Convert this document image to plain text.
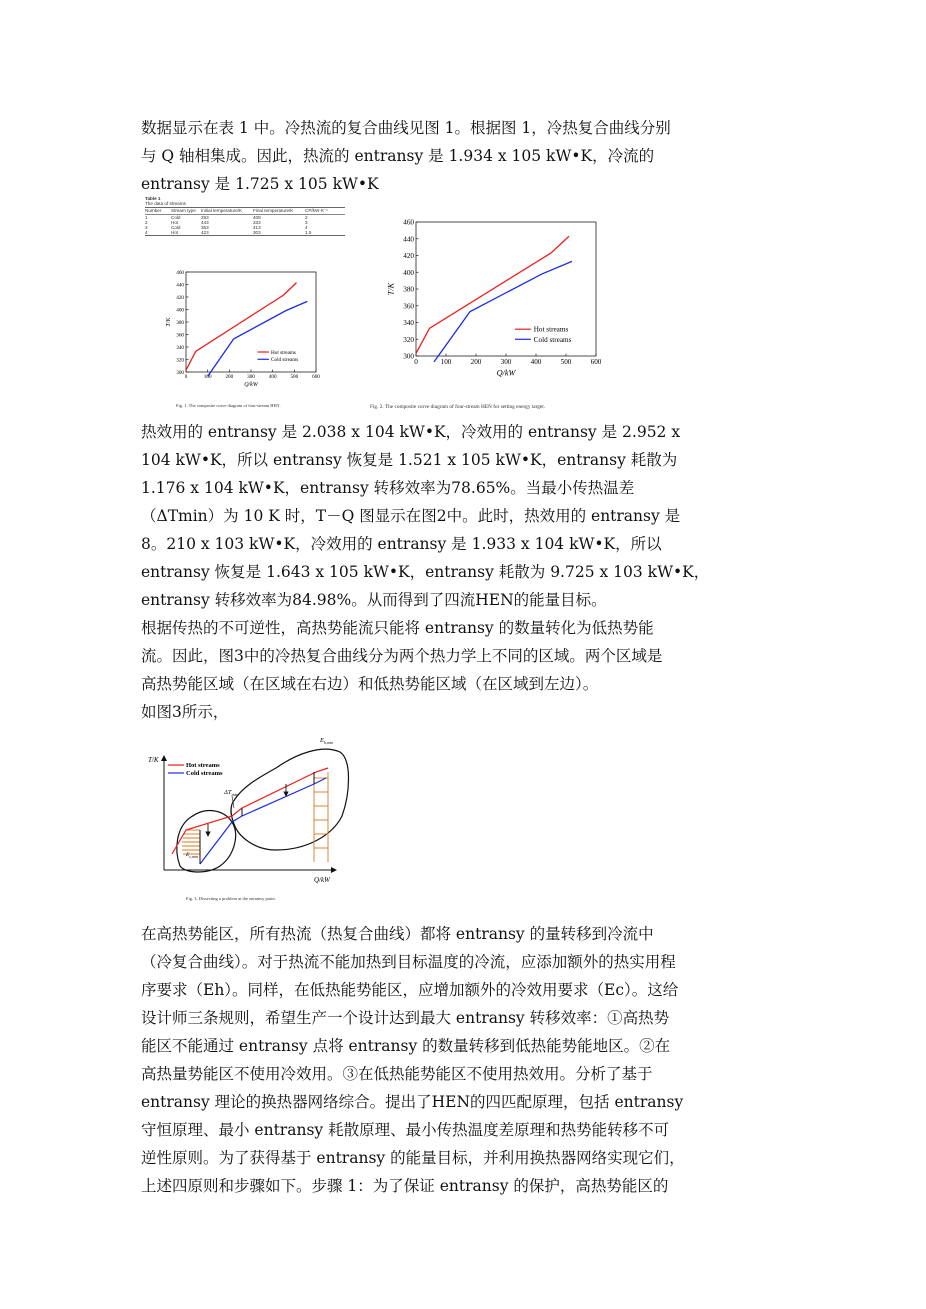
数据显示在表 1 中。冷热流的复合曲线见图 1。根据图 1，冷热复合曲线分别

与 Q 轴相集成。因此，热流的 entransy 是 1.934 x 105 kW•K，冷流的

entransy 是 1.725 x 105 kW•K

Table 1
The data of streams
Number	Stream type	Initial temperature/K	Final temperature/K	CP/kW·K⁻¹
1	Cold	293	408	2
2	Hot	443	333	3
3	Cold	353	413	4
4	Hot	423	303	1.5
0	100	200	300	400	500	600
300
320
340
360
380
400
420
440
460
Hot streams
Cold streams
Q/kW
T/K
Fig. 1. The composite curve diagram of four-stream HEN.
0	100	200	300	400	500	600
300
320
340
360
380
400
420
440
460
Hot streams
Cold streams
Q/kW
T/K
Fig. 2. The composite curve diagram of four-stream HEN for setting energy target.

热效用的 entransy 是 2.038 x 104 kW•K，冷效用的 entransy 是 2.952 x

104 kW•K，所以 entransy 恢复是 1.521 x 105 kW•K，entransy 耗散为

1.176 x 104 kW•K，entransy 转移效率为78.65%。当最小传热温差

（ΔTmin）为 10 K 时，T－Q 图显示在图2中。此时，热效用的 entransy 是

8。210 x 103 kW•K，冷效用的 entransy 是 1.933 x 104 kW•K，所以

entransy 恢复是 1.643 x 105 kW•K，entransy 耗散为 9.725 x 103 kW•K，

entransy 转移效率为84.98%。从而得到了四流HEN的能量目标。

根据传热的不可逆性，高热势能流只能将 entransy 的数量转化为低热势能

流。因此，图3中的冷热复合曲线分为两个热力学上不同的区域。两个区域是

高热势能区域（在区域在右边）和低热势能区域（在区域到左边）。

如图3所示，

T/K
Q/kW
Hot streams
Cold streams
$\Delta T_{min}$
$E_{h,min}$
$E_{c,min}$
Fig. 3. Dissecting a problem at the entransy point.

在高热势能区，所有热流（热复合曲线）都将 entransy 的量转移到冷流中

（冷复合曲线）。对于热流不能加热到目标温度的冷流，应添加额外的热实用程

序要求（Eh）。同样，在低热能势能区，应增加额外的冷效用要求（Ec）。这给

设计师三条规则，希望生产一个设计达到最大 entransy 转移效率：①高热势

能区不能通过 entransy 点将 entransy 的数量转移到低热能势能地区。②在

高热量势能区不使用冷效用。③在低热能势能区不使用热效用。分析了基于

entransy 理论的换热器网络综合。提出了HEN的四匹配原理，包括 entransy

守恒原理、最小 entransy 耗散原理、最小传热温度差原理和热势能转移不可

逆性原则。为了获得基于 entransy 的能量目标，并利用换热器网络实现它们，

上述四原则和步骤如下。步骤 1：为了保证 entransy 的保护，高热势能区的
